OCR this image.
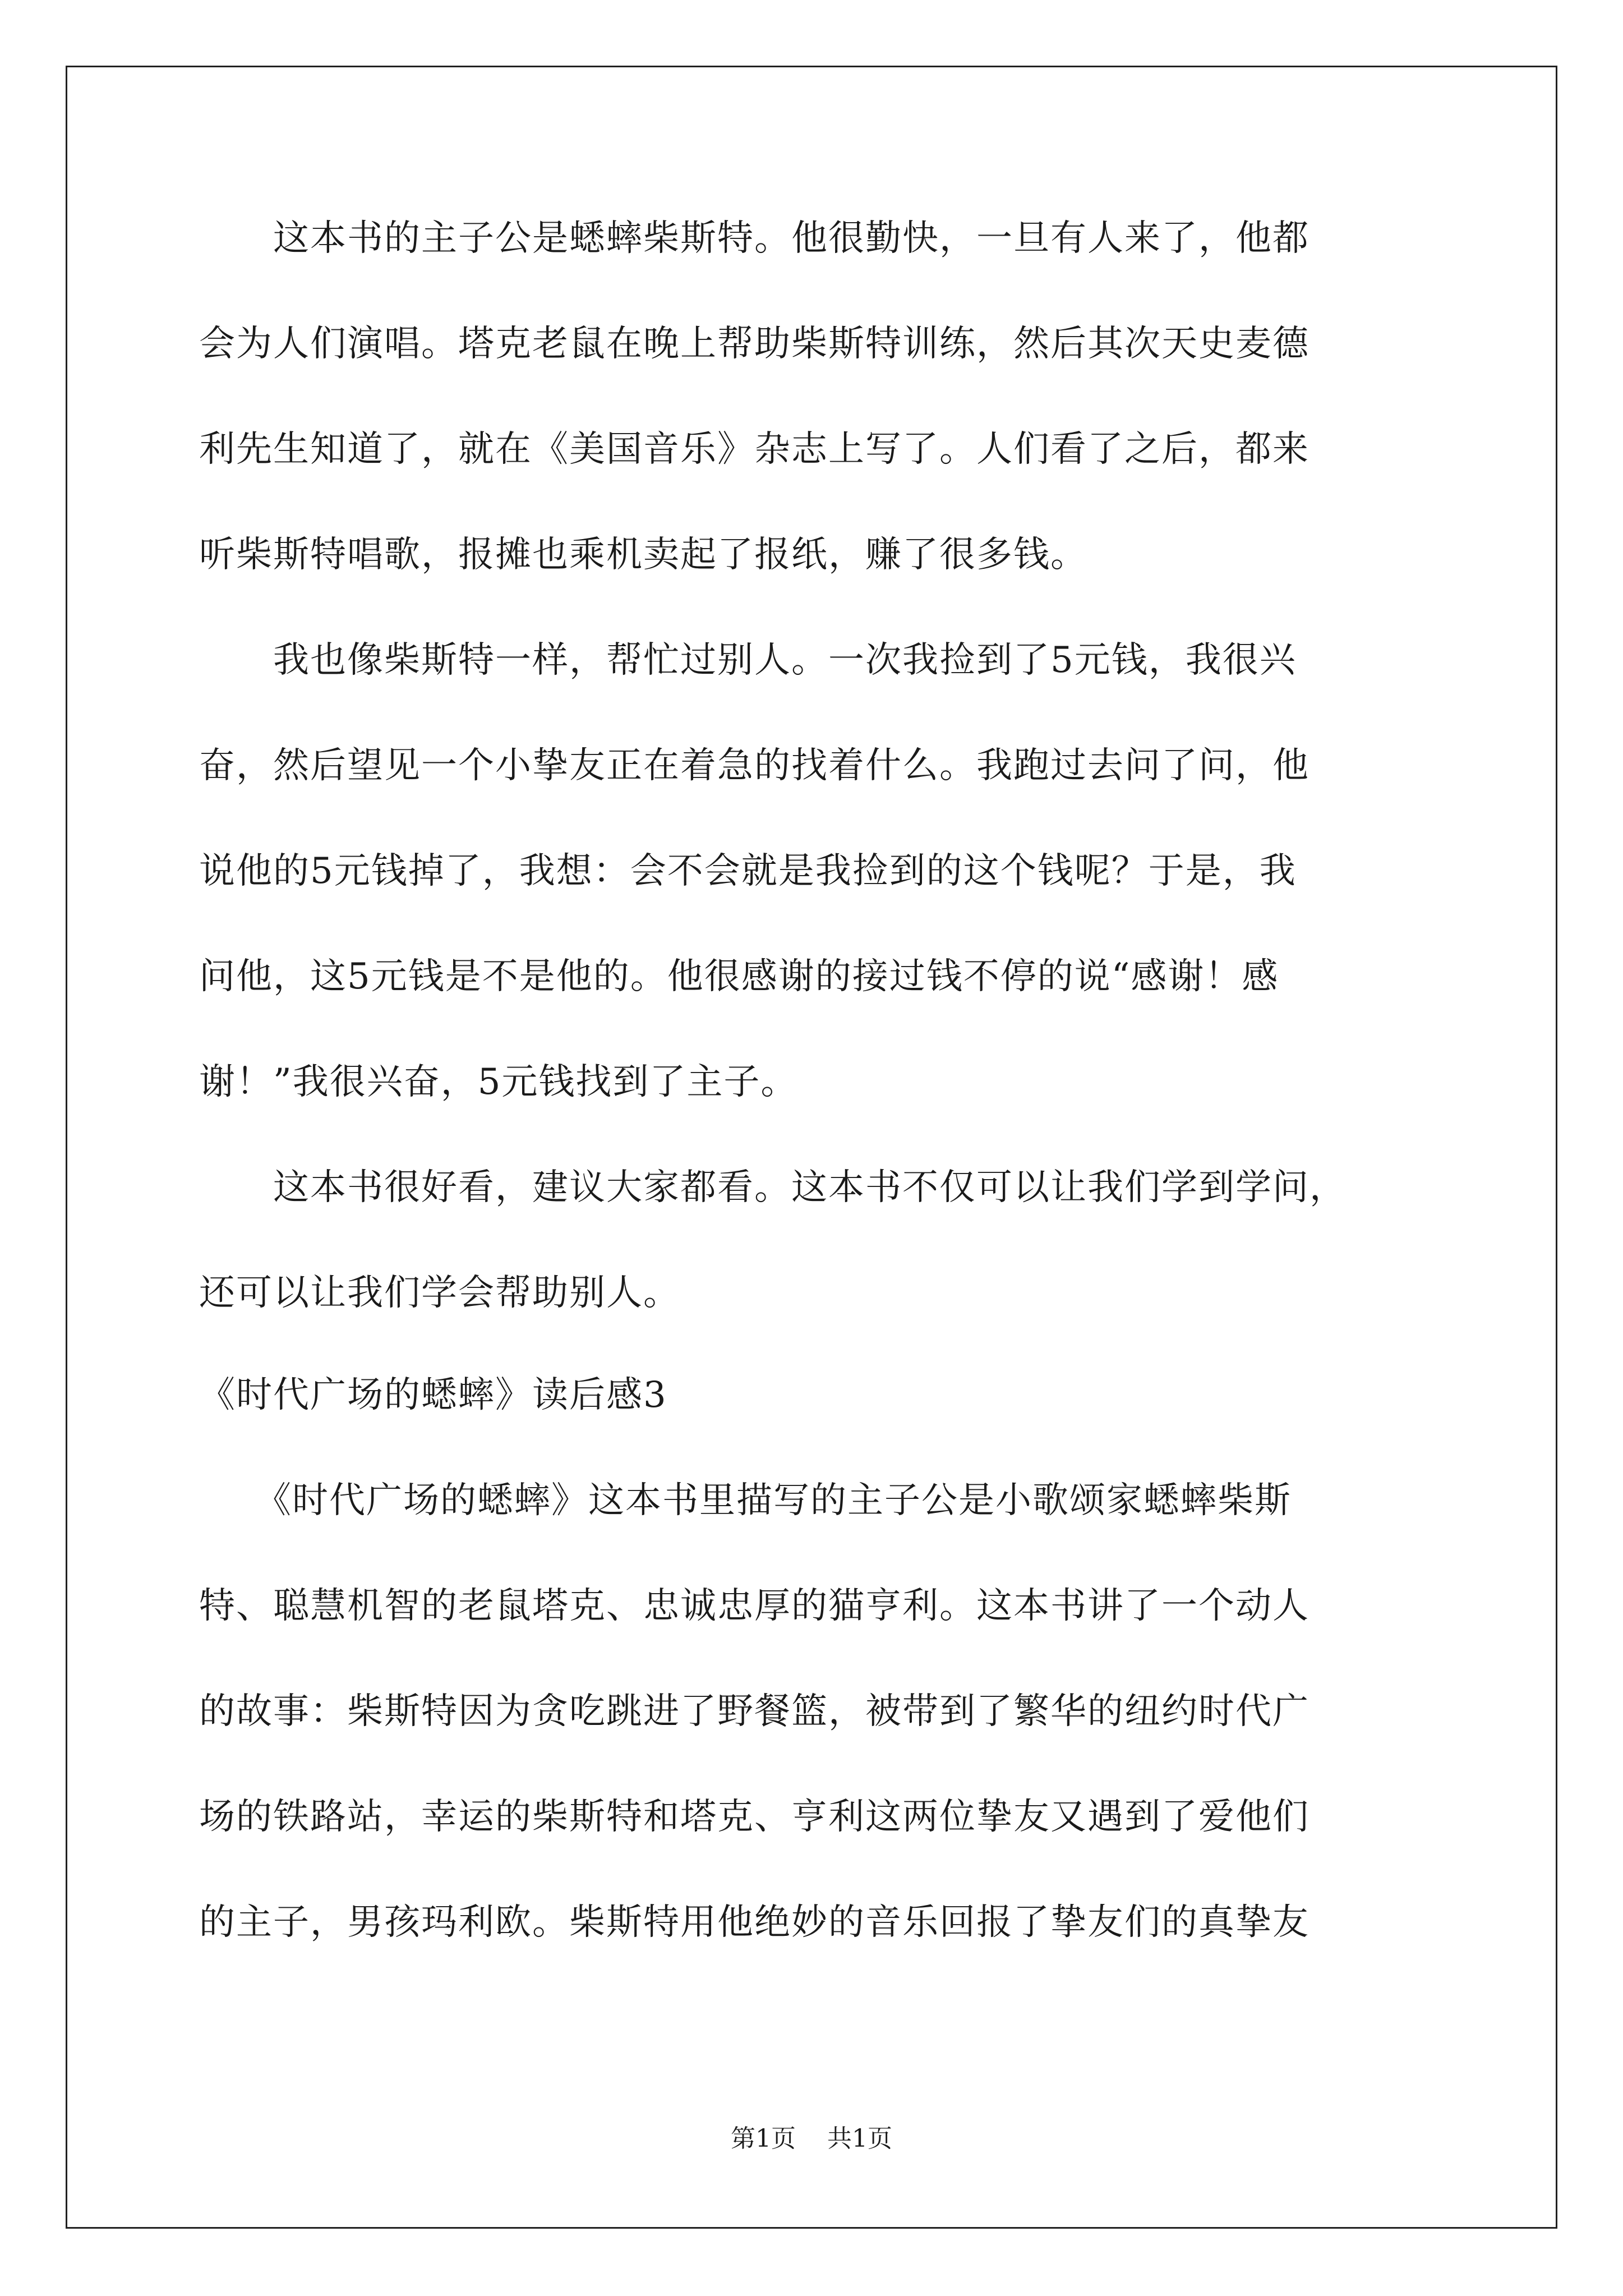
　　这本书的主子公是蟋蟀柴斯特。他很勤快，一旦有人来了，他都
会为人们演唱。塔克老鼠在晚上帮助柴斯特训练，然后其次天史麦德
利先生知道了，就在《美国音乐》杂志上写了。人们看了之后，都来
听柴斯特唱歌，报摊也乘机卖起了报纸，赚了很多钱。
　　我也像柴斯特一样，帮忙过别人。一次我捡到了5元钱，我很兴
奋，然后望见一个小挚友正在着急的找着什么。我跑过去问了问，他
说他的5元钱掉了，我想：会不会就是我捡到的这个钱呢？于是，我
问他，这5元钱是不是他的。他很感谢的接过钱不停的说“感谢！感
谢！”我很兴奋，5元钱找到了主子。
　　这本书很好看，建议大家都看。这本书不仅可以让我们学到学问，
还可以让我们学会帮助别人。
《时代广场的蟋蟀》读后感3
　　《时代广场的蟋蟀》这本书里描写的主子公是小歌颂家蟋蟀柴斯
特、聪慧机智的老鼠塔克、忠诚忠厚的猫亨利。这本书讲了一个动人
的故事：柴斯特因为贪吃跳进了野餐篮，被带到了繁华的纽约时代广
场的铁路站，幸运的柴斯特和塔克、亨利这两位挚友又遇到了爱他们
的主子，男孩玛利欧。柴斯特用他绝妙的音乐回报了挚友们的真挚友
第1页 共1页
